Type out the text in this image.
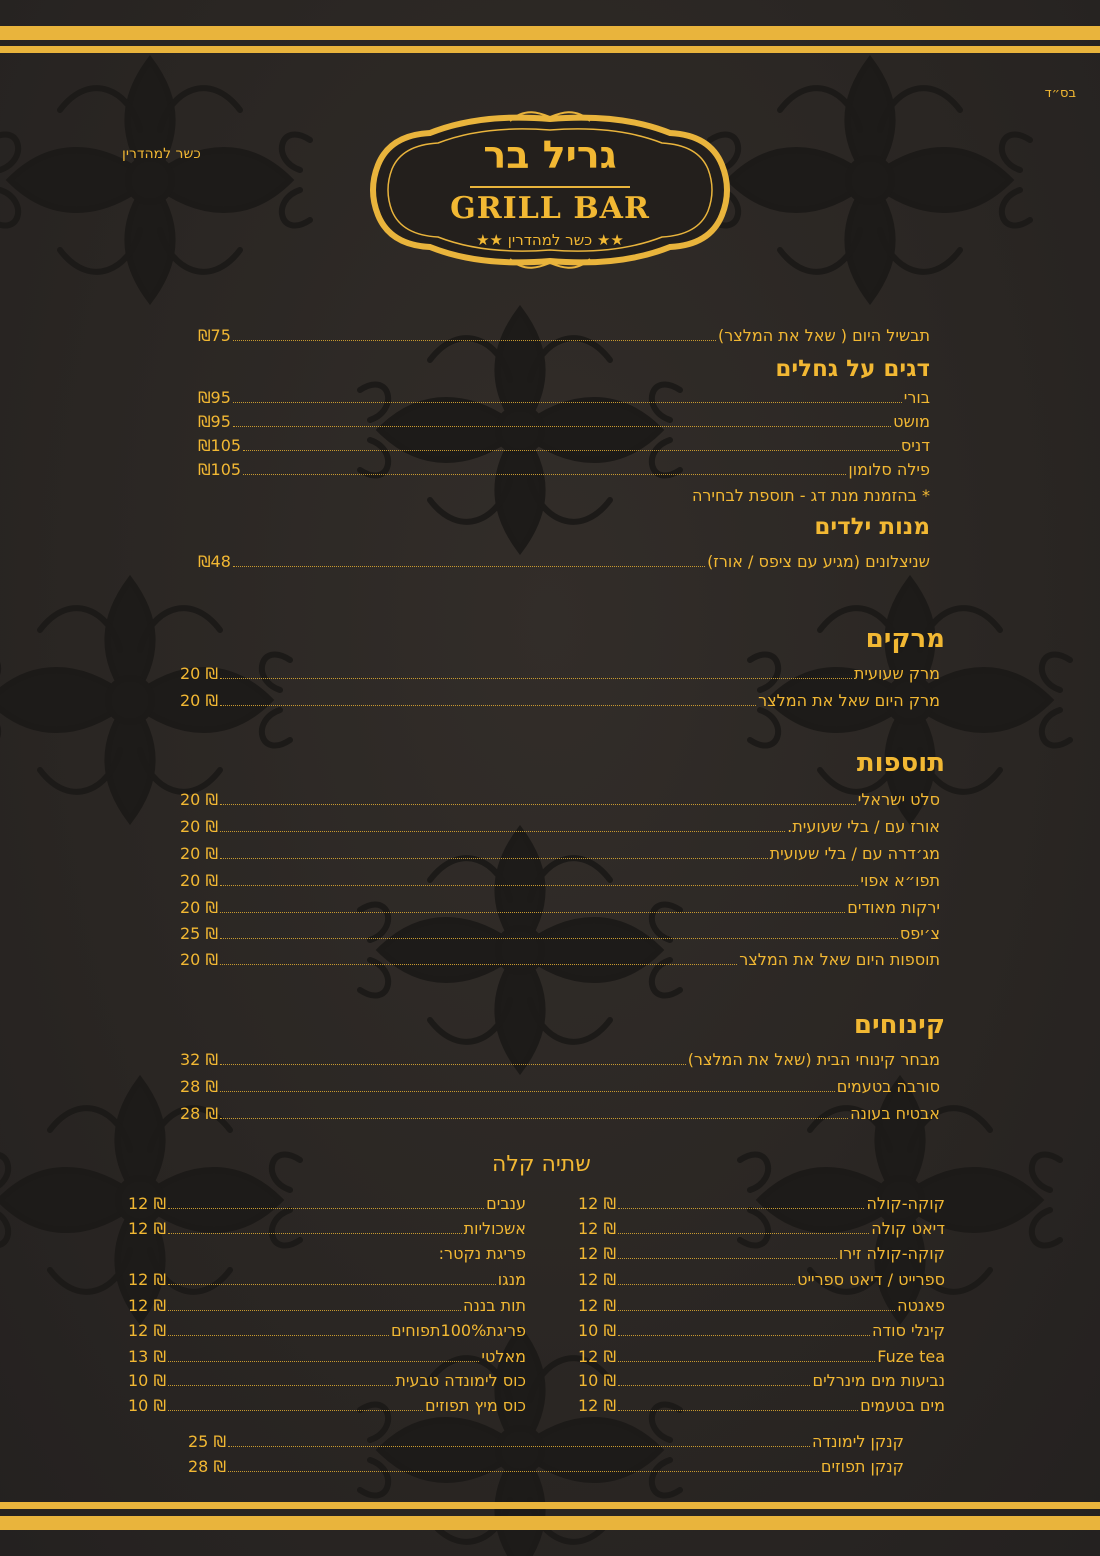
בס״ד
כשר למהדרין	גריל בר
GRILL BAR
★★ כשר למהדרין ★★
תבשיל היום ( שאל את המלצר)
₪75
דגים על גחלים
בורי
₪95
מושט
₪95
דניס
₪105
פילה סלומון
₪105
* בהזמנת מנת דג - תוספת לבחירה
מנות ילדים
שניצלונים (מגיע עם ציפס / אורז)
₪48
מרקים
מרק שעועית
20 ₪
מרק היום שאל את המלצר
20 ₪
תוספות
סלט ישראלי
20 ₪
אורז עם / בלי שעועית.
20 ₪
מג׳דרה עם / בלי שעועית
20 ₪
תפו״א אפוי
20 ₪
ירקות מאודים
20 ₪
צ׳יפס
25 ₪
תוספות היום שאל את המלצר
20 ₪
קינוחים
מבחר קינוחי הבית (שאל את המלצר)
32 ₪
סורבה בטעמים
28 ₪
אבטיח בעונה
28 ₪
שתיה קלה
קוקה-קולה
12 ₪
דיאט קולה
12 ₪
קוקה-קולה זירו
12 ₪
ספרייט / דיאט ספרייט
12 ₪
פאנטה
12 ₪
קינלי סודה
10 ₪
Fuze tea
12 ₪
נביעות מים מינרלים
10 ₪
מים בטעמים
12 ₪
ענבים
12 ₪
אשכוליות
12 ₪
פריגת נקטר:
מנגו
12 ₪
תות בננה
12 ₪
פריגת100%תפוחים
12 ₪
מאלטי
13 ₪
כוס לימונדה טבעית
10 ₪
כוס מיץ תפוזים
10 ₪
קנקן לימונדה
25 ₪
קנקן תפוזים
28 ₪
